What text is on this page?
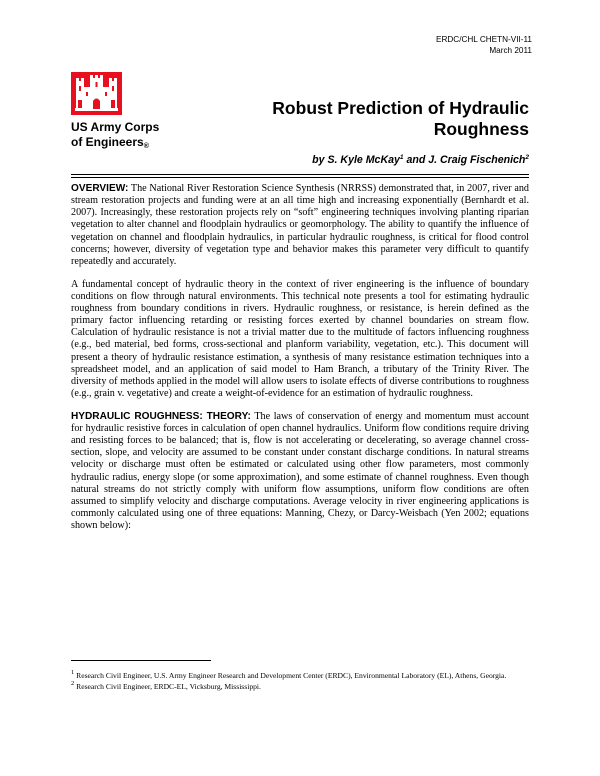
ERDC/CHL CHETN-VII-11
March 2011
US Army Corps
of Engineers®
Robust Prediction of Hydraulic Roughness
by S. Kyle McKay$^1$ and J. Craig Fischenich$^2$

OVERVIEW: The National River Restoration Science Synthesis (NRRSS) demonstrated that, in 2007, river and stream restoration projects and funding were at an all time high and increasing exponentially (Bernhardt et al. 2007). Increasingly, these restoration projects rely on “soft” engineering techniques involving planting riparian vegetation to alter channel and floodplain hydraulics or geomorphology. The ability to quantify the influence of vegetation on channel and floodplain hydraulics, in particular hydraulic roughness, is critical for flood control concerns; however, diversity of vegetation type and behavior makes this parameter very difficult to quantify repeatedly and accurately.

A fundamental concept of hydraulic theory in the context of river engineering is the influence of boundary conditions on flow through natural environments. This technical note presents a tool for estimating hydraulic roughness from boundary conditions in rivers. Hydraulic roughness, or resistance, is herein defined as the primary factor influencing retarding or resisting forces exerted by channel boundaries on stream flow. Calculation of hydraulic resistance is not a trivial matter due to the multitude of factors influencing roughness (e.g., bed material, bed forms, cross-sectional and planform variability, vegetation, etc.). This document will present a theory of hydraulic resistance estimation, a synthesis of many resistance estimation techniques into a spreadsheet model, and an application of said model to Ham Branch, a tributary of the Trinity River. The diversity of methods applied in the model will allow users to isolate effects of diverse contributions to roughness (e.g., grain v. vegetative) and create a weight-of-evidence for an estimation of hydraulic roughness.

HYDRAULIC ROUGHNESS: THEORY: The laws of conservation of energy and momentum must account for hydraulic resistive forces in calculation of open channel hydraulics. Uniform flow conditions require driving and resisting forces to be balanced; that is, flow is not accelerating or decelerating, so average channel cross-section, slope, and velocity are assumed to be constant under constant discharge conditions. In natural streams velocity or discharge must often be estimated or calculated using other flow parameters, most commonly hydraulic radius, energy slope (or some approximation), and some estimate of channel roughness. Even though natural streams do not strictly comply with uniform flow assumptions, uniform flow conditions are often assumed to simplify velocity and discharge computations. Average velocity in river engineering applications is commonly calculated using one of three equations: Manning, Chezy, or Darcy-Weisbach (Yen 2002; equations shown below):

$^1$ Research Civil Engineer, U.S. Army Engineer Research and Development Center (ERDC), Environmental Laboratory (EL), Athens, Georgia.
$^2$ Research Civil Engineer, ERDC-EL, Vicksburg, Mississippi.
